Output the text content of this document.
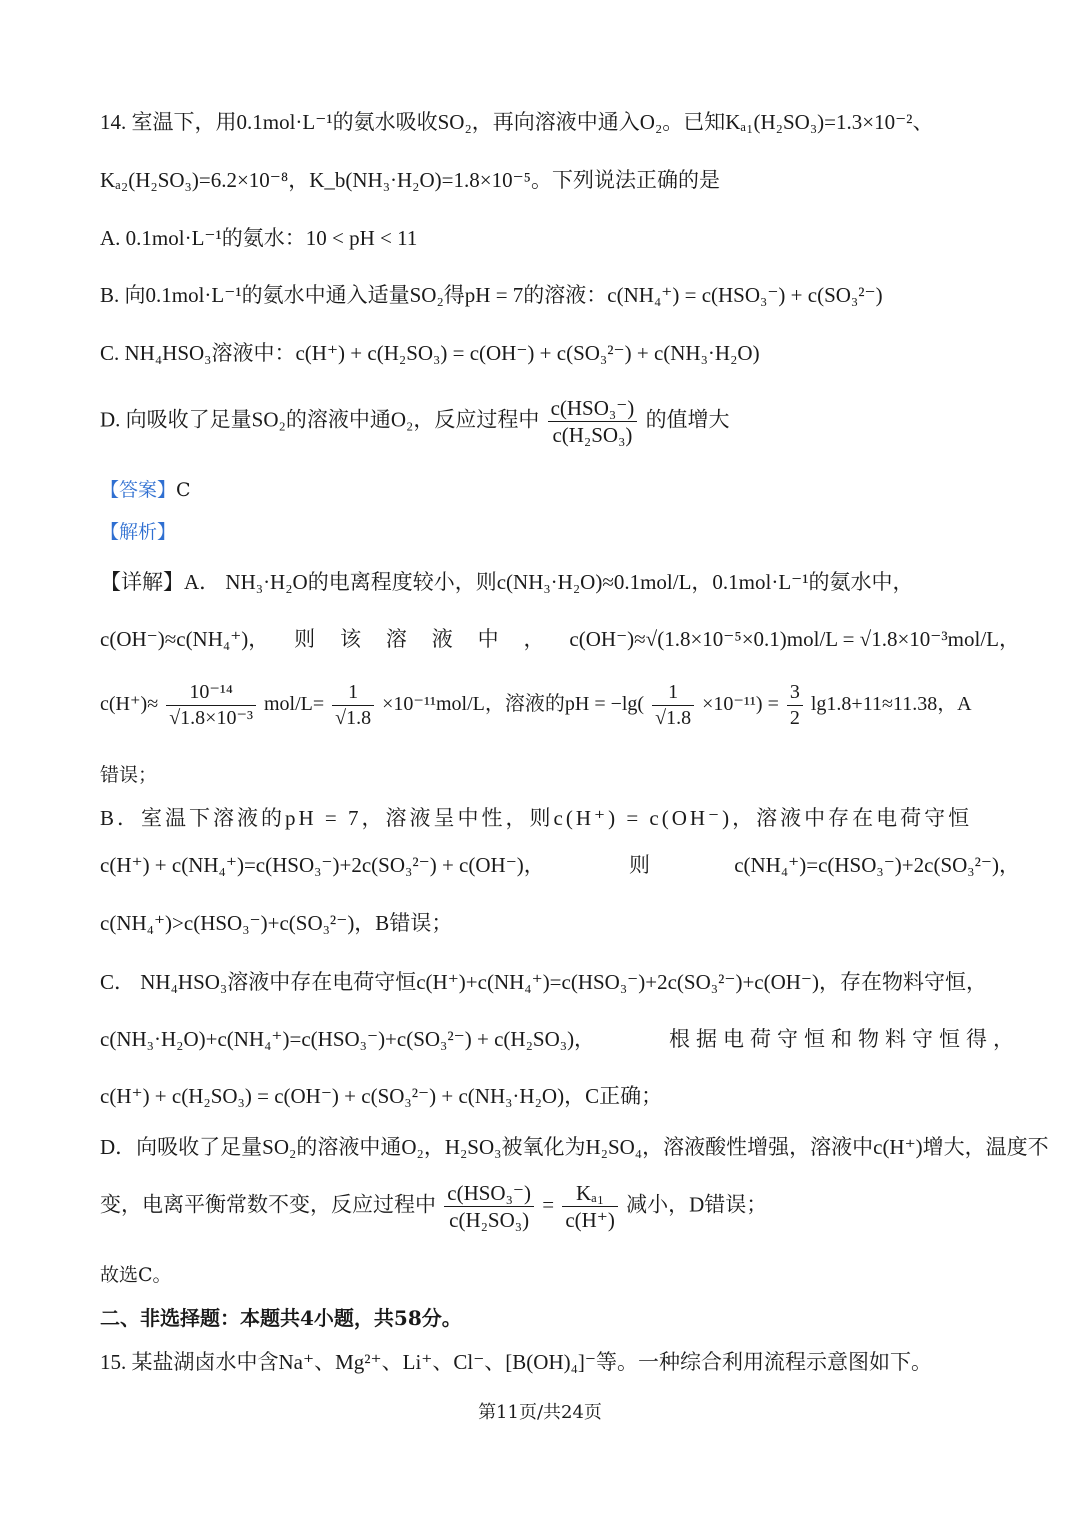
14. 室温下，用0.1mol·L⁻¹的氨水吸收SO₂，再向溶液中通入O₂。已知Kₐ₁(H₂SO₃)=1.3×10⁻²、
Kₐ₂(H₂SO₃)=6.2×10⁻⁸，K_b(NH₃·H₂O)=1.8×10⁻⁵。下列说法正确的是
A. 0.1mol·L⁻¹的氨水：10 < pH < 11
B. 向0.1mol·L⁻¹的氨水中通入适量SO₂得pH = 7的溶液：c(NH₄⁺) = c(HSO₃⁻) + c(SO₃²⁻)
C. NH₄HSO₃溶液中：c(H⁺) + c(H₂SO₃) = c(OH⁻) + c(SO₃²⁻) + c(NH₃·H₂O)
D. 向吸收了足量SO₂的溶液中通O₂，反应过程中 $\frac{\text{c(HSO₃⁻)}}{\text{c(H₂SO₃)}}$ 的值增大
【答案】C
【解析】
【详解】A． NH₃·H₂O的电离程度较小，则c(NH₃·H₂O)≈0.1mol/L，0.1mol·L⁻¹的氨水中，
c(OH⁻)≈c(NH₄⁺)， 则 该 溶 液 中 ， c(OH⁻)≈√(1.8×10⁻⁵×0.1)mol/L = √1.8×10⁻³mol/L，
$c(H^+)\approx \frac{\text{10⁻¹⁴}}{\text{√1.8×10⁻³}} mol/L= \frac{1}{√1.8} \times 10^{-11}mol/L$，溶液的pH = $-\lg( \frac{1}{√1.8} \times 10^{-11}) = \frac{3}{2} \lg 1.8+11\approx 11.38$，A
错误；
B．室温下溶液的pH = 7，溶液呈中性，则c(H⁺) = c(OH⁻)，溶液中存在电荷守恒
c(H⁺) + c(NH₄⁺)=c(HSO₃⁻)+2c(SO₃²⁻) + c(OH⁻)，	则	c(NH₄⁺)=c(HSO₃⁻)+2c(SO₃²⁻)，
c(NH₄⁺)>c(HSO₃⁻)+c(SO₃²⁻)，B错误；
C． NH₄HSO₃溶液中存在电荷守恒c(H⁺)+c(NH₄⁺)=c(HSO₃⁻)+2c(SO₃²⁻)+c(OH⁻)，存在物料守恒，
c(NH₃·H₂O)+c(NH₄⁺)=c(HSO₃⁻)+c(SO₃²⁻) + c(H₂SO₃)，	根据电荷守恒和物料守恒得，
c(H⁺) + c(H₂SO₃) = c(OH⁻) + c(SO₃²⁻) + c(NH₃·H₂O)，C正确；
D．向吸收了足量SO₂的溶液中通O₂，H₂SO₃被氧化为H₂SO₄，溶液酸性增强，溶液中c(H⁺)增大，温度不
变，电离平衡常数不变，反应过程中 $\frac{\text{c(HSO₃⁻)}}{\text{c(H₂SO₃)}} = \frac{\text{Kₐ₁}}{c(H^+)}$ 减小，D错误；
故选C。
二、非选择题：本题共4小题，共58分。
15. 某盐湖卤水中含Na⁺、Mg²⁺、Li⁺、Cl⁻、[B(OH)₄]⁻等。一种综合利用流程示意图如下。
第11页/共24页
